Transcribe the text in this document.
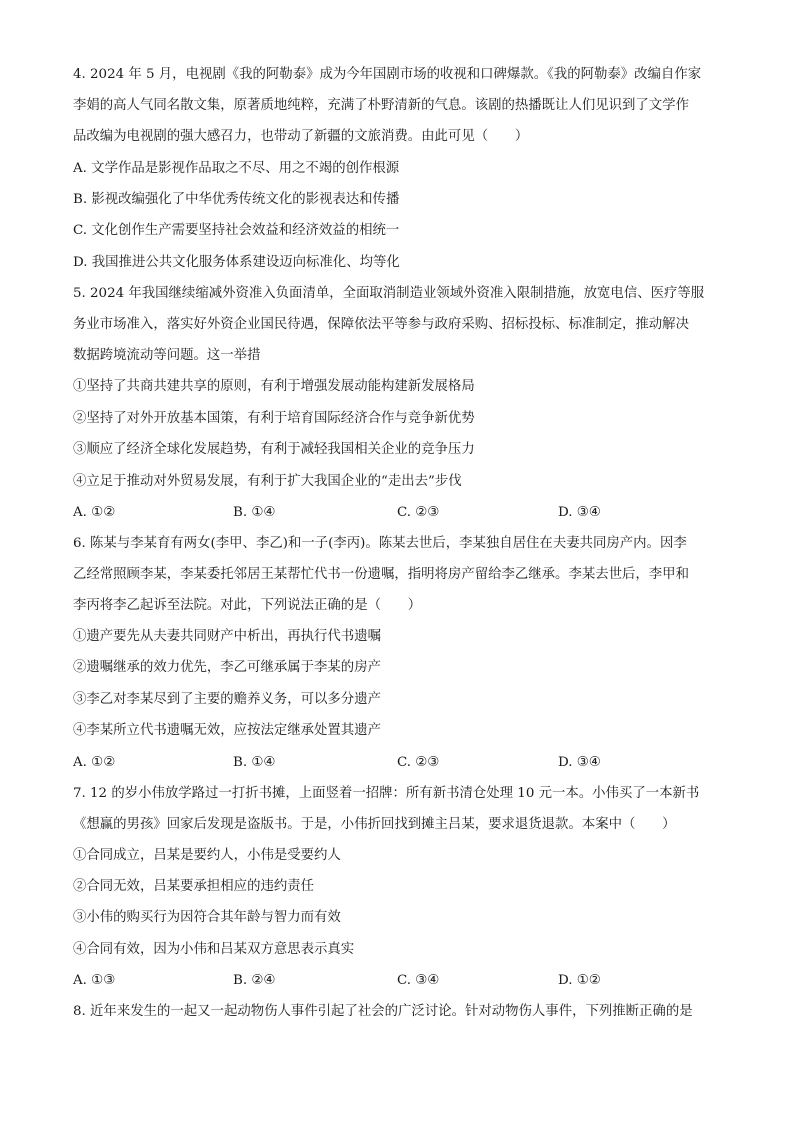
4. 2024 年 5 月，电视剧《我的阿勒泰》成为今年国剧市场的收视和口碑爆款。《我的阿勒泰》改编自作家
李娟的高人气同名散文集，原著质地纯粹，充满了朴野清新的气息。该剧的热播既让人们见识到了文学作
品改编为电视剧的强大感召力，也带动了新疆的文旅消费。由此可见（　　）
A. 文学作品是影视作品取之不尽、用之不竭的创作根源
B. 影视改编强化了中华优秀传统文化的影视表达和传播
C. 文化创作生产需要坚持社会效益和经济效益的相统一
D. 我国推进公共文化服务体系建设迈向标准化、均等化
5. 2024 年我国继续缩减外资准入负面清单，全面取消制造业领域外资准入限制措施，放宽电信、医疗等服
务业市场准入，落实好外资企业国民待遇，保障依法平等参与政府采购、招标投标、标准制定，推动解决
数据跨境流动等问题。这一举措
①坚持了共商共建共享的原则，有利于增强发展动能构建新发展格局
②坚持了对外开放基本国策，有利于培育国际经济合作与竞争新优势
③顺应了经济全球化发展趋势，有利于减轻我国相关企业的竞争压力
④立足于推动对外贸易发展，有利于扩大我国企业的“走出去”步伐
A. ①②	B. ①④	C. ②③	D. ③④
6. 陈某与李某育有两女(李甲、李乙)和一子(李丙)。陈某去世后，李某独自居住在夫妻共同房产内。因李
乙经常照顾李某，李某委托邻居王某帮忙代书一份遗嘱，指明将房产留给李乙继承。李某去世后，李甲和
李丙将李乙起诉至法院。对此，下列说法正确的是（　　）
①遗产要先从夫妻共同财产中析出，再执行代书遗嘱
②遗嘱继承的效力优先，李乙可继承属于李某的房产
③李乙对李某尽到了主要的赡养义务，可以多分遗产
④李某所立代书遗嘱无效，应按法定继承处置其遗产
A. ①②	B. ①④	C. ②③	D. ③④
7. 12 的岁小伟放学路过一打折书摊，上面竖着一招牌：所有新书清仓处理 10 元一本。小伟买了一本新书
《想赢的男孩》回家后发现是盗版书。于是，小伟折回找到摊主吕某，要求退货退款。本案中（　　）
①合同成立，吕某是要约人，小伟是受要约人
②合同无效，吕某要承担相应的违约责任
③小伟的购买行为因符合其年龄与智力而有效
④合同有效，因为小伟和吕某双方意思表示真实
A. ①③	B. ②④	C. ③④	D. ①②
8. 近年来发生的一起又一起动物伤人事件引起了社会的广泛讨论。针对动物伤人事件，下列推断正确的是
